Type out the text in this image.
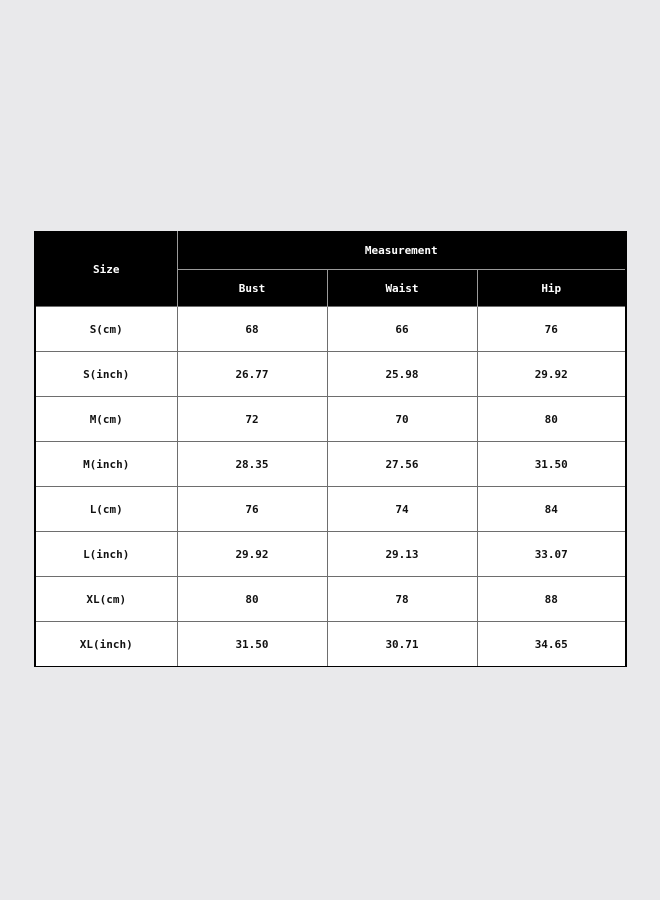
Size	Measurement		
	Bust	Waist	Hip
S(cm)	68	66	76
S(inch)	26.77	25.98	29.92
M(cm)	72	70	80
M(inch)	28.35	27.56	31.50
L(cm)	76	74	84
L(inch)	29.92	29.13	33.07
XL(cm)	80	78	88
XL(inch)	31.50	30.71	34.65
